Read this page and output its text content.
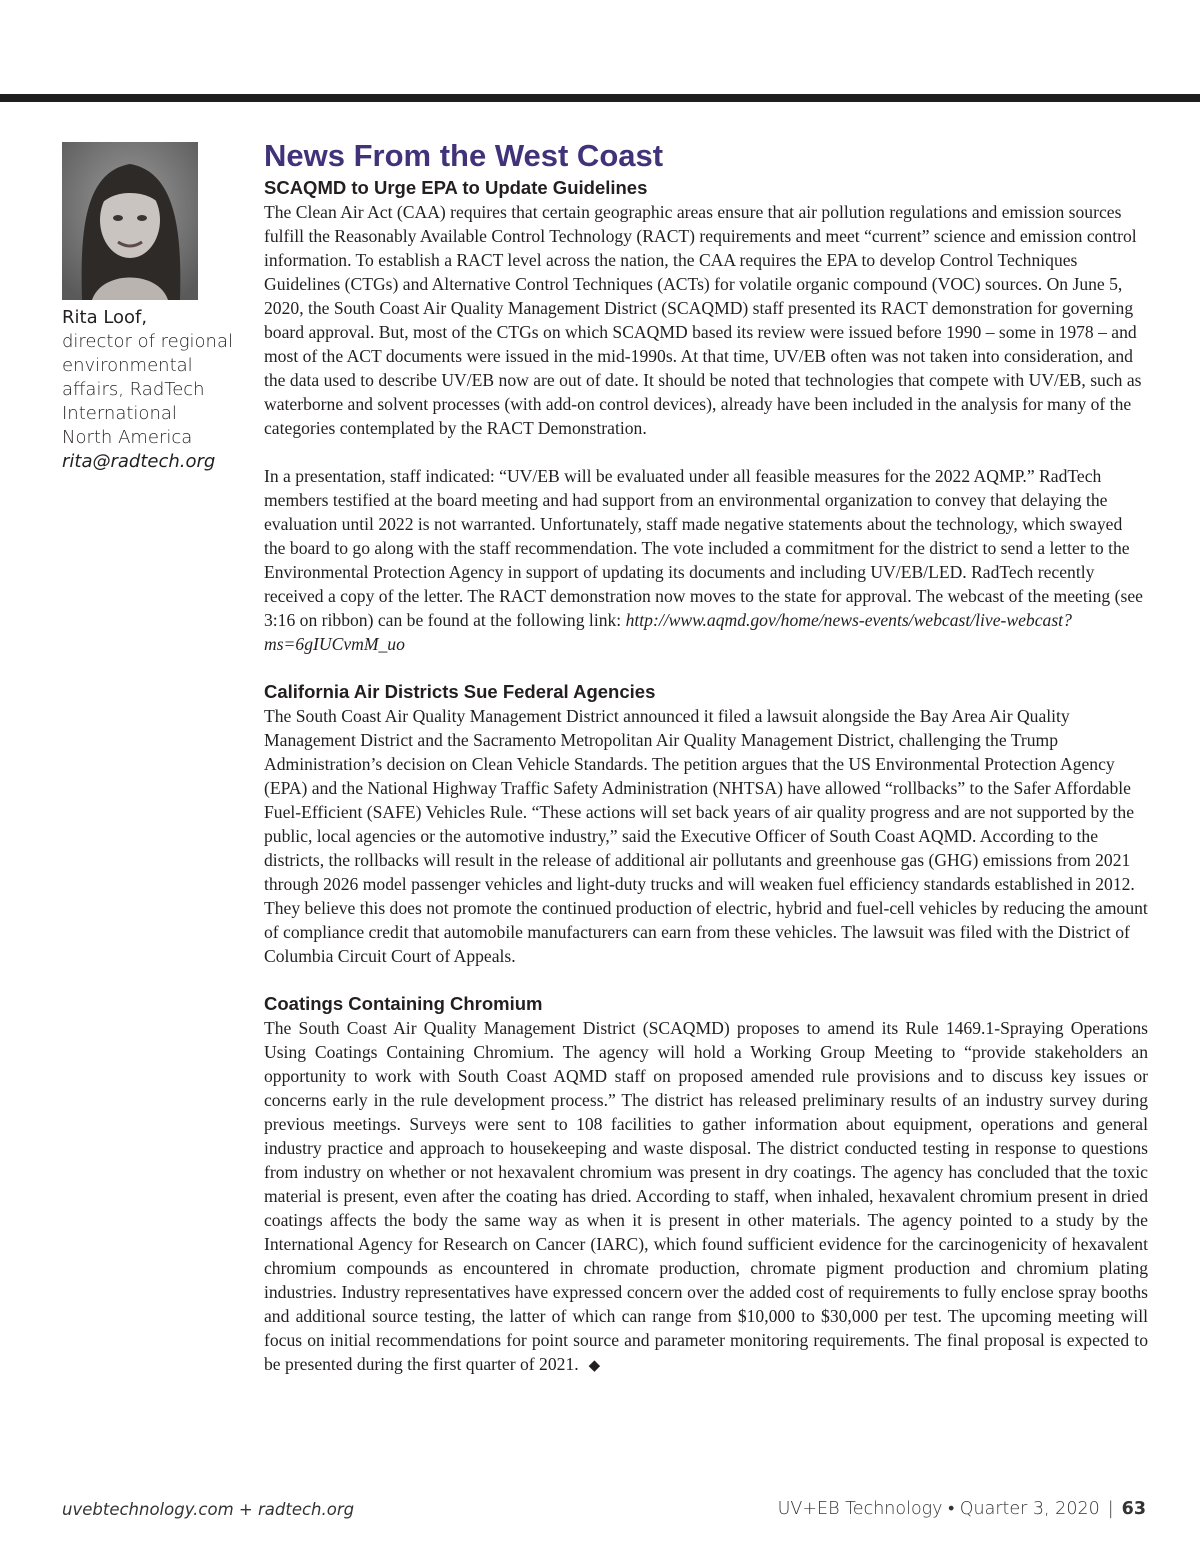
Rita Loof,
director of regional
environmental
affairs, RadTech
International
North America
rita@radtech.org
News From the West Coast
SCAQMD to Urge EPA to Update Guidelines

The Clean Air Act (CAA) requires that certain geographic areas ensure that air pollution regulations and emission sources fulfill the Reasonably Available Control Technology (RACT) requirements and meet “current” science and emission control information. To establish a RACT level across the nation, the CAA requires the EPA to develop Control Techniques Guidelines (CTGs) and Alternative Control Techniques (ACTs) for volatile organic compound (VOC) sources. On June 5, 2020, the South Coast Air Quality Management District (SCAQMD) staff presented its RACT demonstration for governing board approval. But, most of the CTGs on which SCAQMD based its review were issued before 1990 – some in 1978 – and most of the ACT documents were issued in the mid-1990s. At that time, UV/EB often was not taken into consideration, and the data used to describe UV/EB now are out of date. It should be noted that technologies that compete with UV/EB, such as waterborne and solvent processes (with add-on control devices), already have been included in the analysis for many of the categories contemplated by the RACT Demonstration.

In a presentation, staff indicated: “UV/EB will be evaluated under all feasible measures for the 2022 AQMP.” RadTech members testified at the board meeting and had support from an environmental organization to convey that delaying the evaluation until 2022 is not warranted. Unfortunately, staff made negative statements about the technology, which swayed the board to go along with the staff recommendation. The vote included a commitment for the district to send a letter to the Environmental Protection Agency in support of updating its documents and including UV/EB/LED. RadTech recently received a copy of the letter. The RACT demonstration now moves to the state for approval. The webcast of the meeting (see 3:16 on ribbon) can be found at the following link: http://www.aqmd.gov/home/news-events/webcast/live-webcast?ms=6gIUCvmM_uo

California Air Districts Sue Federal Agencies

The South Coast Air Quality Management District announced it filed a lawsuit alongside the Bay Area Air Quality Management District and the Sacramento Metropolitan Air Quality Management District, challenging the Trump Administration’s decision on Clean Vehicle Standards. The petition argues that the US Environmental Protection Agency (EPA) and the National Highway Traffic Safety Administration (NHTSA) have allowed “rollbacks” to the Safer Affordable Fuel-Efficient (SAFE) Vehicles Rule. “These actions will set back years of air quality progress and are not supported by the public, local agencies or the automotive industry,” said the Executive Officer of South Coast AQMD. According to the districts, the rollbacks will result in the release of additional air pollutants and greenhouse gas (GHG) emissions from 2021 through 2026 model passenger vehicles and light-duty trucks and will weaken fuel efficiency standards established in 2012. They believe this does not promote the continued production of electric, hybrid and fuel-cell vehicles by reducing the amount of compliance credit that automobile manufacturers can earn from these vehicles. The lawsuit was filed with the District of Columbia Circuit Court of Appeals.

Coatings Containing Chromium

The South Coast Air Quality Management District (SCAQMD) proposes to amend its Rule 1469.1-Spraying Operations Using Coatings Containing Chromium. The agency will hold a Working Group Meeting to “provide stakeholders an opportunity to work with South Coast AQMD staff on proposed amended rule provisions and to discuss key issues or concerns early in the rule development process.” The district has released preliminary results of an industry survey during previous meetings. Surveys were sent to 108 facilities to gather information about equipment, operations and general industry practice and approach to housekeeping and waste disposal. The district conducted testing in response to questions from industry on whether or not hexavalent chromium was present in dry coatings. The agency has concluded that the toxic material is present, even after the coating has dried. According to staff, when inhaled, hexavalent chromium present in dried coatings affects the body the same way as when it is present in other materials. The agency pointed to a study by the International Agency for Research on Cancer (IARC), which found sufficient evidence for the carcinogenicity of hexavalent chromium compounds as encountered in chromate production, chromate pigment production and chromium plating industries. Industry representatives have expressed concern over the added cost of requirements to fully enclose spray booths and additional source testing, the latter of which can range from $10,000 to $30,000 per test. The upcoming meeting will focus on initial recommendations for point source and parameter monitoring requirements. The final proposal is expected to be presented during the first quarter of 2021. ◆

uvebtechnology.com + radtech.org	UV+EB Technology • Quarter 3, 2020 | 63
